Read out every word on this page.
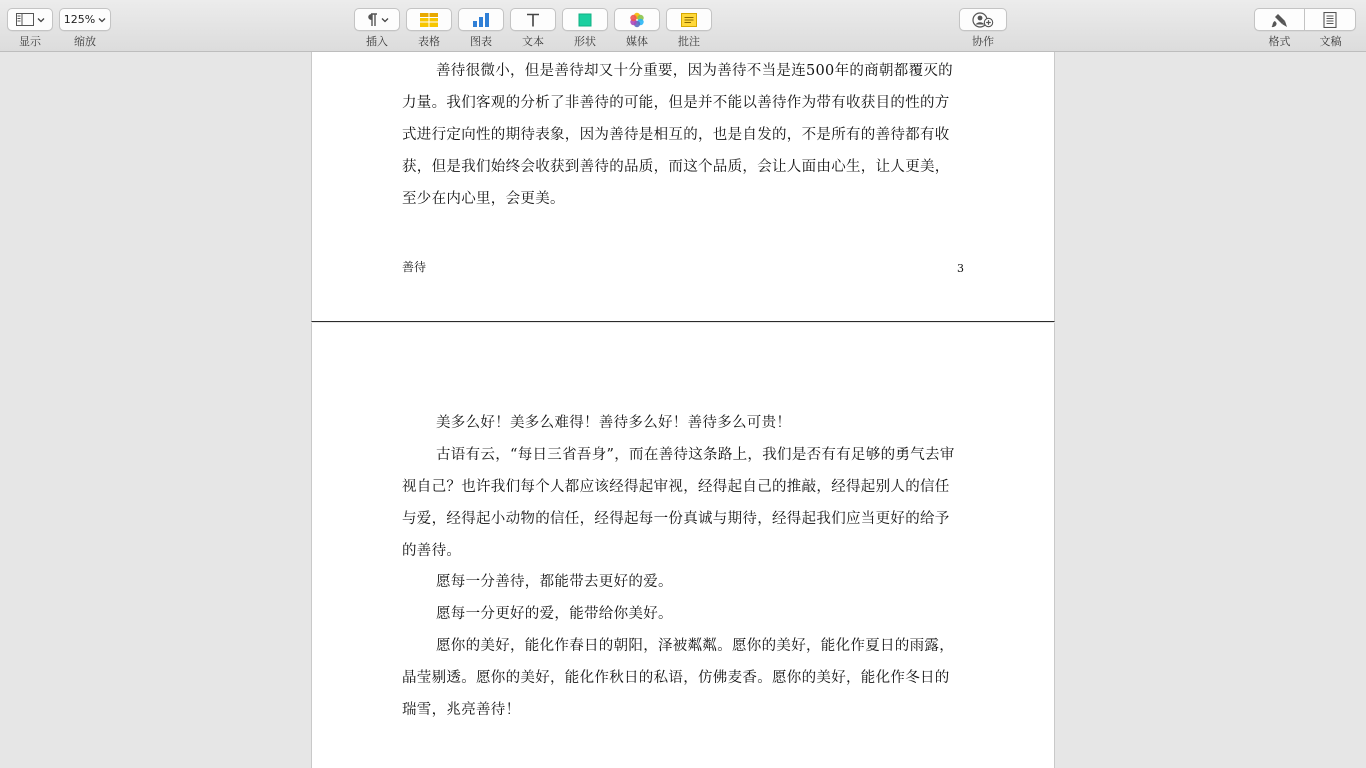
显示
125%
缩放	插入	表格	图表	文本	形状	媒体	批注	协作	格式	文稿

善待很微小，但是善待却又十分重要，因为善待不当是连500年的商朝都覆灭的力量。我们客观的分析了非善待的可能，但是并不能以善待作为带有收获目的性的方式进行定向性的期待表象，因为善待是相互的，也是自发的，不是所有的善待都有收获，但是我们始终会收获到善待的品质，而这个品质，会让人面由心生，让人更美，至少在内心里，会更美。

善待	3

美多么好！美多么难得！善待多么好！善待多么可贵！

古语有云，“每日三省吾身”，而在善待这条路上，我们是否有有足够的勇气去审视自己？也许我们每个人都应该经得起审视，经得起自己的推敲，经得起别人的信任与爱，经得起小动物的信任，经得起每一份真诚与期待，经得起我们应当更好的给予的善待。

愿每一分善待，都能带去更好的爱。

愿每一分更好的爱，能带给你美好。

愿你的美好，能化作春日的朝阳，泽被粼粼。愿你的美好，能化作夏日的雨露，晶莹剔透。愿你的美好，能化作秋日的私语，仿佛麦香。愿你的美好，能化作冬日的瑞雪，兆亮善待！
